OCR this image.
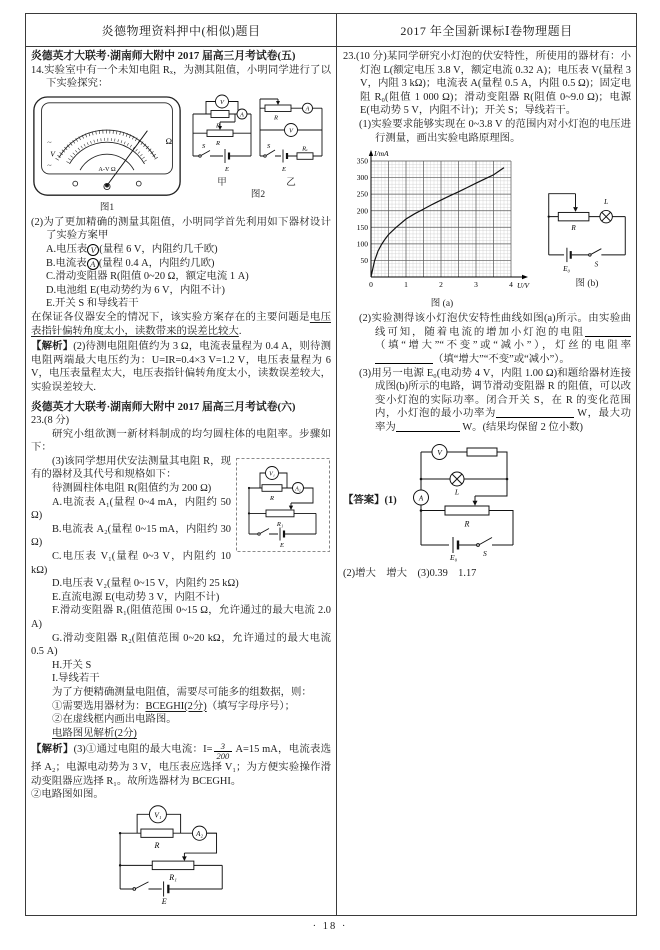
炎德物理资料押中(相似)题目	2017 年全国新课标Ⅰ卷物理题目

炎德英才大联考·湖南师大附中 2017 届高三月考试卷(五)

14.实验室中有一个未知电阻 Rₓ，为测其阻值，小明同学进行了以下实验探究：

Ω
~
V
~	A-V Ω
图1
Rₓ
V
A
R
S
E
甲
R
A
V
S
E
Rₓ
乙
图2

(2)为了更加精确的测量其阻值，小明同学首先利用如下器材设计了实验方案甲

A.电压表 V (量程 6 V，内阻约几千欧)

B.电流表 A (量程 0.4 A，内阻约几欧)

C.滑动变阻器 R(阻值 0~20 Ω，额定电流 1 A)

D.电池组 E(电动势约为 6 V，内阻不计)

E.开关 S 和导线若干

在保证各仪器安全的情况下，该实验方案存在的主要问题是电压表指针偏转角度太小，读数带来的误差比较大.

【解析】(2)待测电阻阻值约为 3 Ω，电流表量程为 0.4 A，则待测电阻两端最大电压约为：U=IR=0.4×3 V=1.2 V，电压表量程为 6 V，电压表量程太大，电压表指针偏转角度太小，读数误差较大，实验误差较大.

炎德英才大联考·湖南师大附中 2017 届高三月考试卷(六)

23.(8 分)

研究小组欲测一新材料制成的均匀圆柱体的电阻率。步骤如下：

V₁
R
A₂
R₁
E

(3)该同学想用伏安法测量其电阻 R，现有的器材及其代号和规格如下：

待测圆柱体电阻 R(阻值约为 200 Ω)

A.电流表 A₁(量程 0~4 mA，内阻约 50 Ω)

B.电流表 A₂(量程 0~15 mA，内阻约 30 Ω)

C.电压表 V₁(量程 0~3 V，内阻约 10 kΩ)

D.电压表 V₂(量程 0~15 V，内阻约 25 kΩ)

E.直流电源 E(电动势 3 V，内阻不计)

F.滑动变阻器 R₁(阻值范围 0~15 Ω，允许通过的最大电流 2.0 A)

G.滑动变阻器 R₂(阻值范围 0~20 kΩ，允许通过的最大电流 0.5 A)

H.开关 S

I.导线若干

为了方便精确测量电阻值，需要尽可能多的组数据，则：

①需要选用器材为：BCEGHI(2分)（填写字母序号）；

②在虚线框内画出电路图。

电路图见解析(2分)

【解析】(3)①通过电阻的最大电流：$I= \frac{3}{200} A=15$ mA，电流表选择 A₂；电源电动势为 3 V，电压表应选择 V₁；为方便实验操作滑动变阻器应选择 R₁。故所选器材为 BCEGHI。

②电路图如图。

V₁
R
A₂
R₁
E

23.(10 分)某同学研究小灯泡的伏安特性，所使用的器材有：小灯泡 L(额定电压 3.8 V，额定电流 0.32 A)；电压表 V(量程 3 V，内阻 3 kΩ)；电流表 A(量程 0.5 A，内阻 0.5 Ω)；固定电阻 R₀(阻值 1 000 Ω)；滑动变阻器 R(阻值 0~9.0 Ω)；电源 E(电动势 5 V，内阻不计)；开关 S；导线若干。

(1)实验要求能够实现在 0~3.8 V 的范围内对小灯泡的电压进行测量，画出实验电路原理图。

50
100
150
200
250
300
350
0	1	2	3	4
I/mA
U/V
图 (a)
R
L
E₀
S
图 (b)

(2)实验测得该小灯泡伏安特性曲线如图(a)所示。由实验曲线可知，随着电流的增加小灯泡的电阻（填“增大”“不变”或“减小”），灯丝的电阻率（填“增大”“不变”或“减小”）。

(3)用另一电源 E₀(电动势 4 V，内阻 1.00 Ω)和题给器材连接成图(b)所示的电路，调节滑动变阻器 R 的阻值，可以改变小灯泡的实际功率。闭合开关 S，在 R 的变化范围内，小灯泡的最小功率为	W，最大功率为	W。(结果均保留 2 位小数)

【答案】(1)
V
L
A
R
E₀	S

(2)增大　增大　(3)0.39　1.17

· 18 ·
